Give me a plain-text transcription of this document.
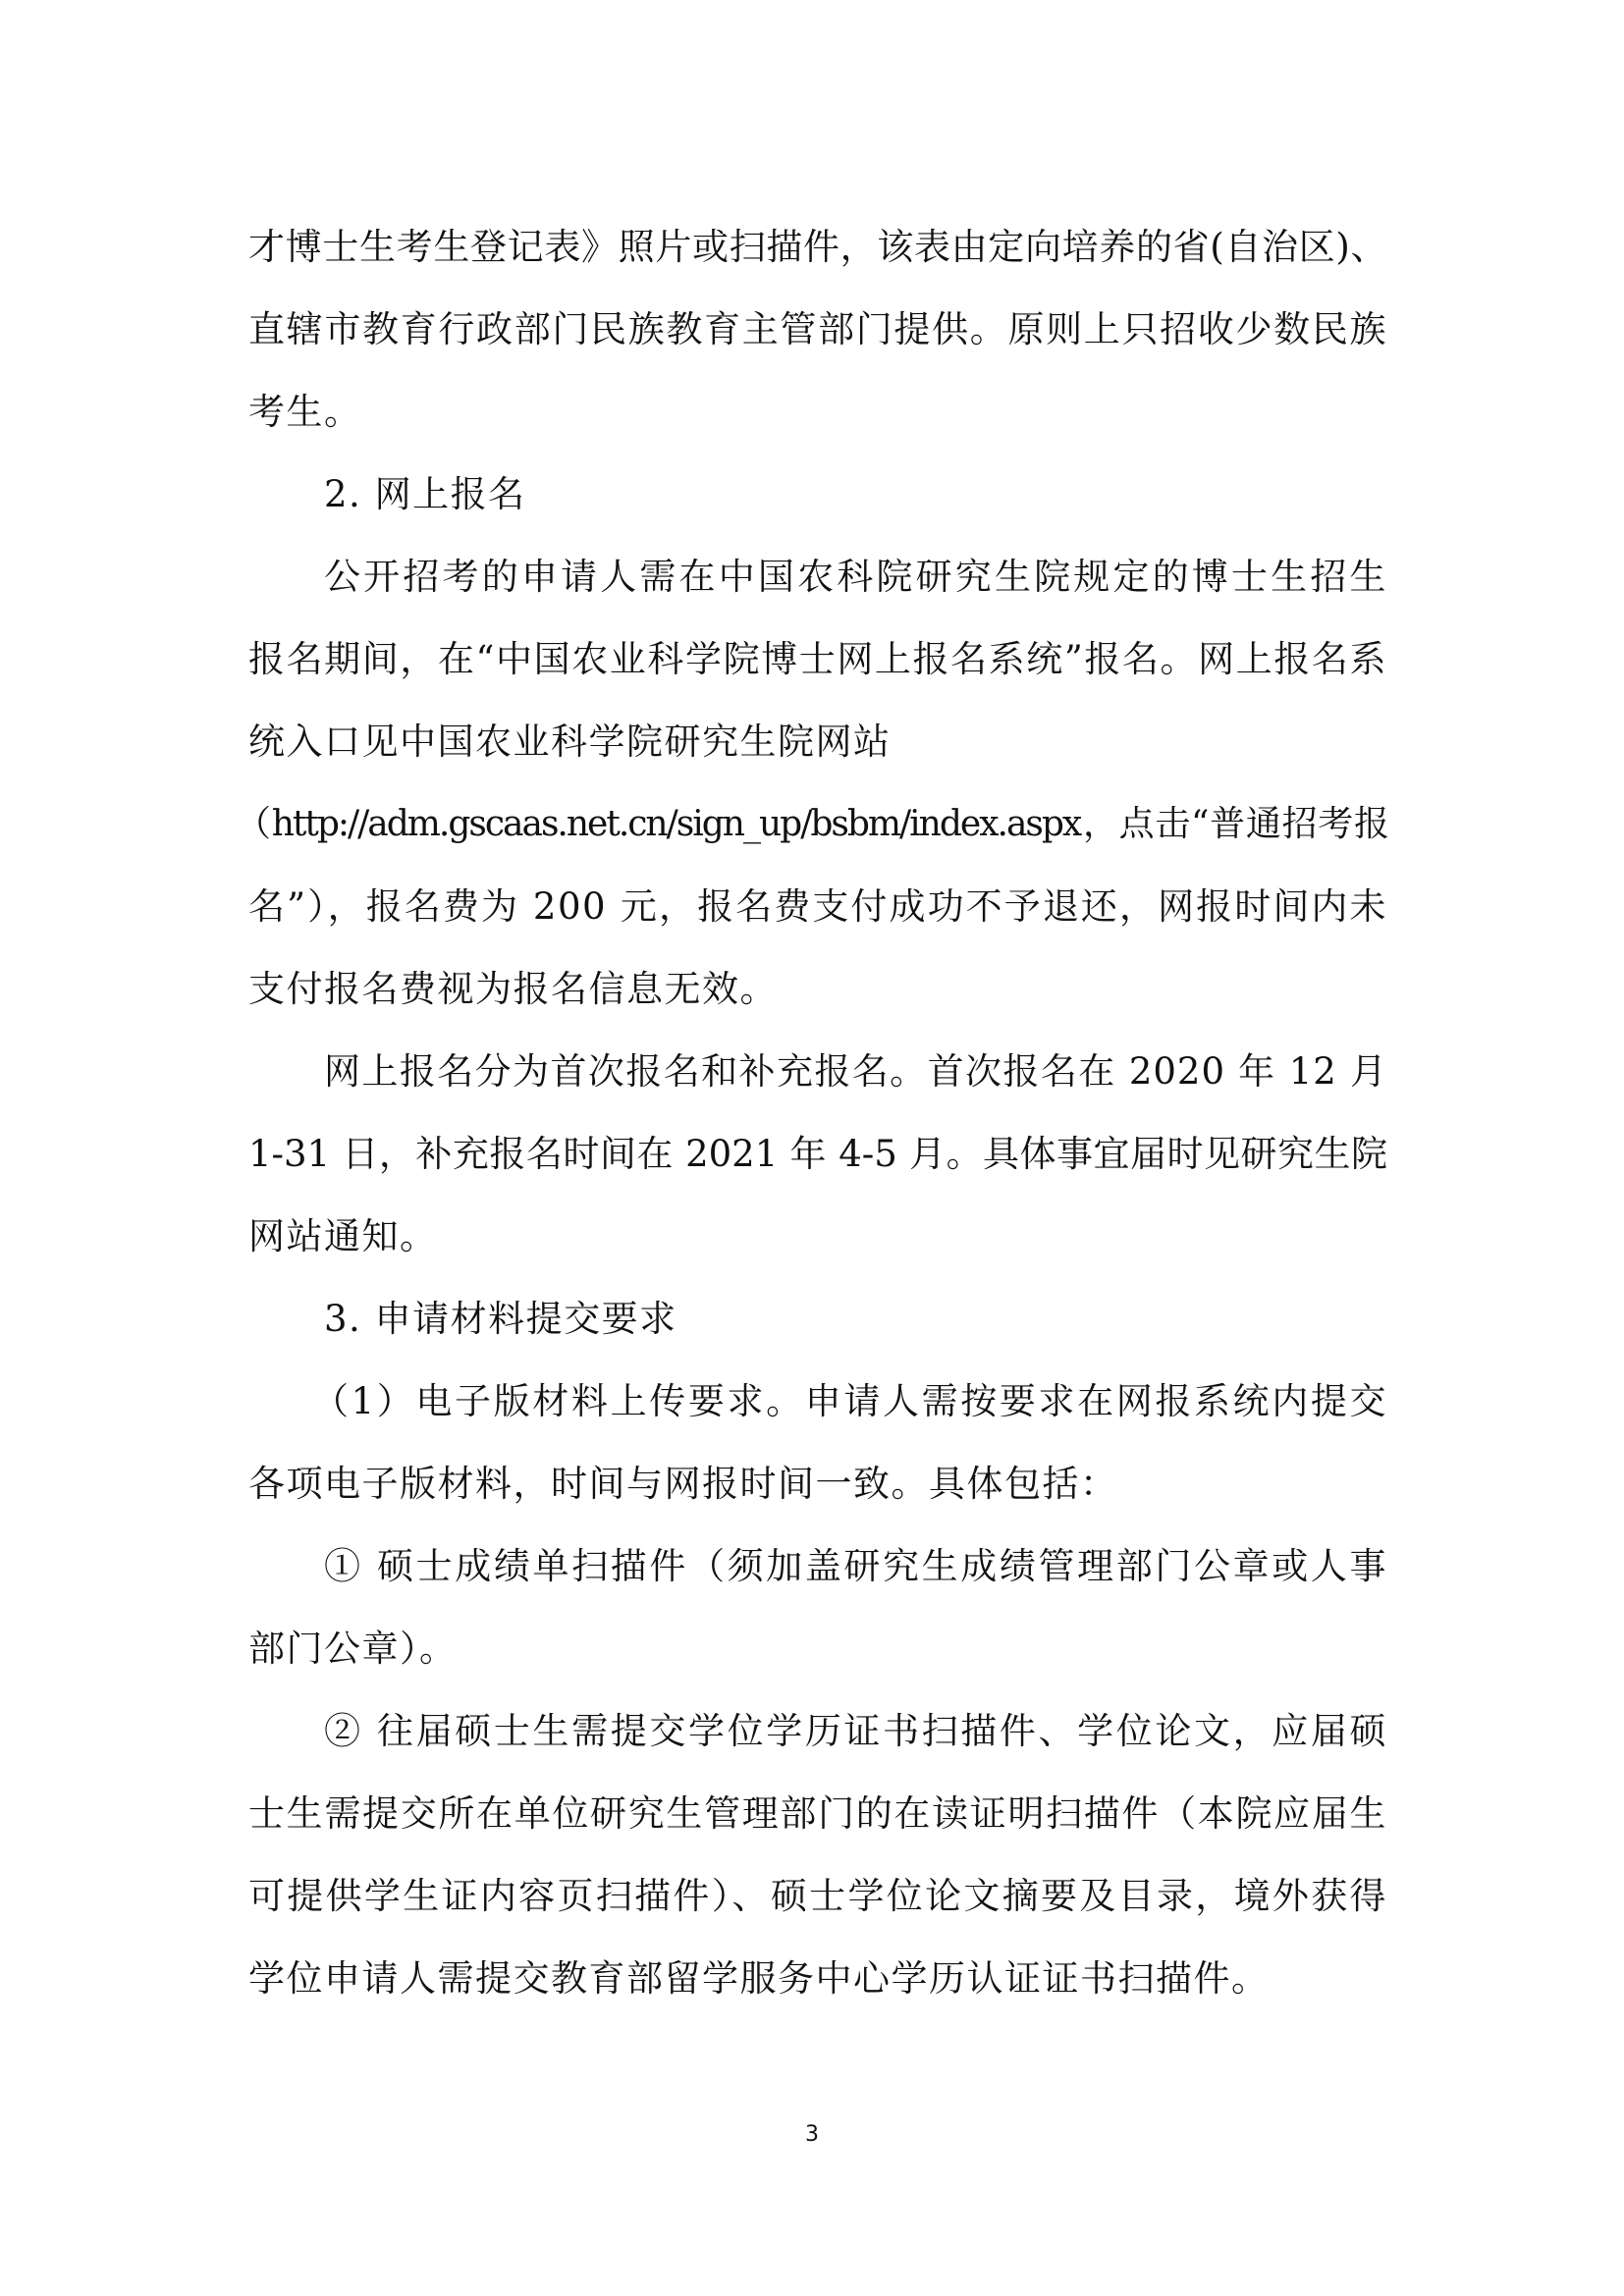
才博士生考生登记表》照片或扫描件，该表由定向培养的省(自治区)、
直辖市教育行政部门民族教育主管部门提供。原则上只招收少数民族
考生。
2. 网上报名
公开招考的申请人需在中国农科院研究生院规定的博士生招生
报名期间，在“中国农业科学院博士网上报名系统”报名。网上报名系
统入口见中国农业科学院研究生院网站
（http://adm.gscaas.net.cn/sign_up/bsbm/index.aspx，点击“普通招考报
名”），报名费为 200 元，报名费支付成功不予退还，网报时间内未
支付报名费视为报名信息无效。
网上报名分为首次报名和补充报名。首次报名在 2020 年 12 月
1-31 日，补充报名时间在 2021 年 4-5 月。具体事宜届时见研究生院
网站通知。
3. 申请材料提交要求
（1）电子版材料上传要求。申请人需按要求在网报系统内提交
各项电子版材料，时间与网报时间一致。具体包括：
① 硕士成绩单扫描件（须加盖研究生成绩管理部门公章或人事
部门公章）。
② 往届硕士生需提交学位学历证书扫描件、学位论文，应届硕
士生需提交所在单位研究生管理部门的在读证明扫描件（本院应届生
可提供学生证内容页扫描件）、硕士学位论文摘要及目录，境外获得
学位申请人需提交教育部留学服务中心学历认证证书扫描件。
3
